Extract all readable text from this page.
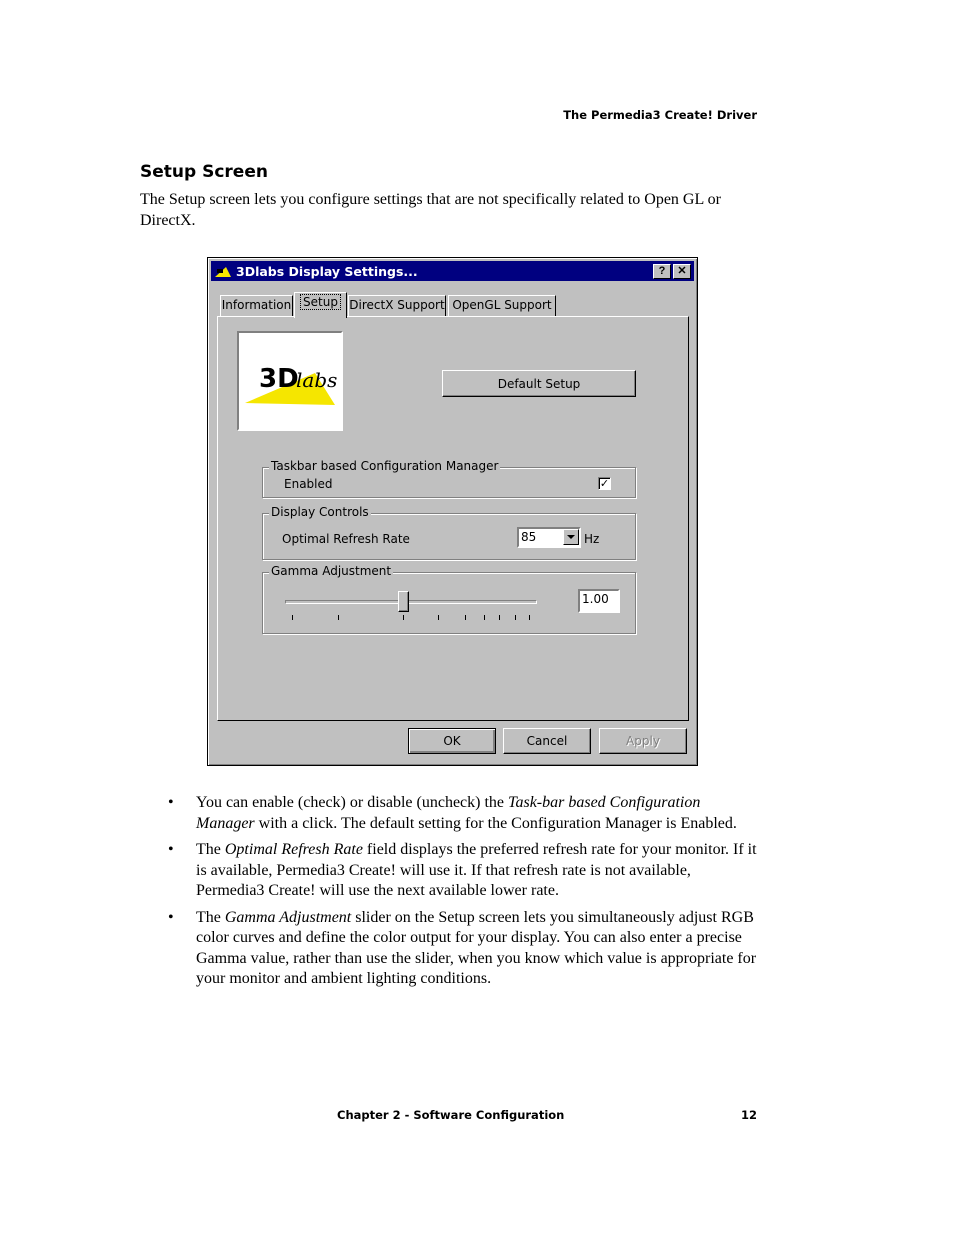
The Permedia3 Create! Driver
Setup Screen

The Setup screen lets you configure settings that are not specifically related to Open GL or DirectX.

3Dlabs Display Settings...	?	✕
Information Setup DirectX Support OpenGL Support
3D
labs	Default Setup
Taskbar based Configuration Manager
Enabled	✓
Display Controls
Optimal Refresh Rate	85	Hz
Gamma Adjustment
1.00
OK	Cancel	Apply
• You can enable (check) or disable (uncheck) the Task-bar based Configuration Manager with a click. The default setting for the Configuration Manager is Enabled.
• The Optimal Refresh Rate field displays the preferred refresh rate for your monitor. If it is available, Permedia3 Create! will use it. If that refresh rate is not available, Permedia3 Create! will use the next available lower rate.
• The Gamma Adjustment slider on the Setup screen lets you simultaneously adjust RGB color curves and define the color output for your display. You can also enter a precise Gamma value, rather than use the slider, when you know which value is appropriate for your monitor and ambient lighting conditions.
Chapter 2 - Software Configuration	12
